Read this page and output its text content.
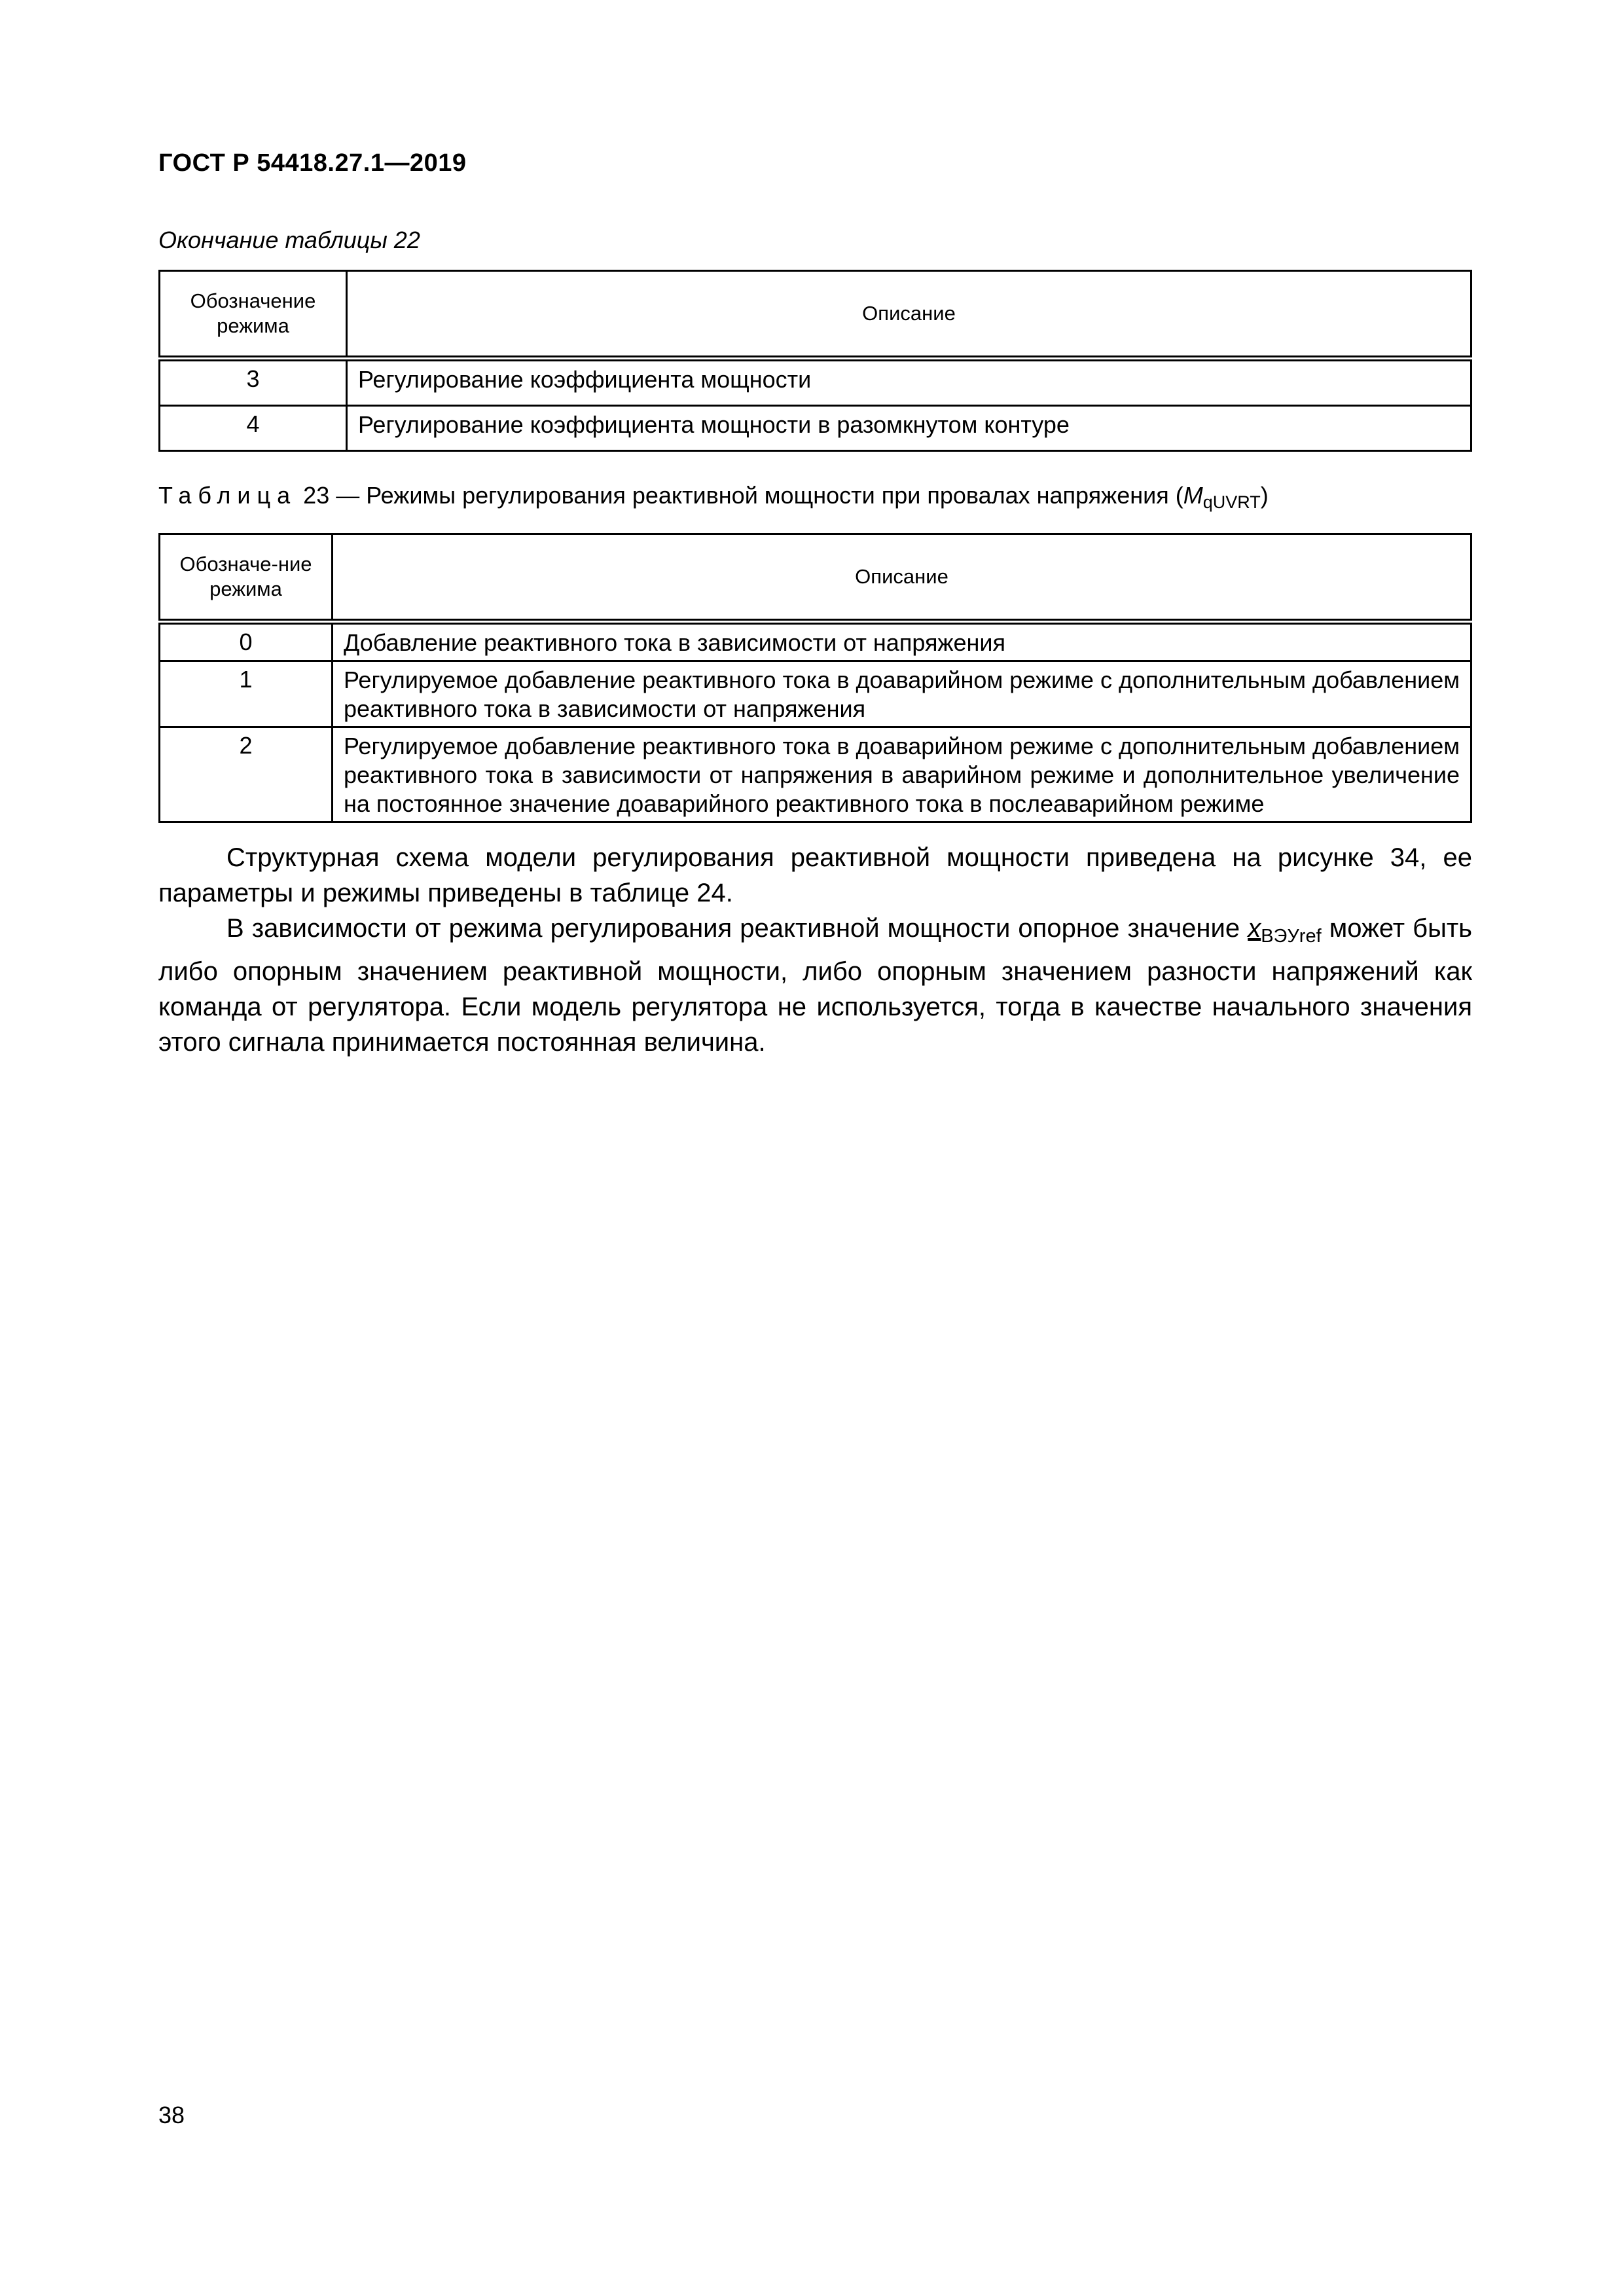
ГОСТ Р 54418.27.1—2019
Окончание таблицы 22
Обозначение режима	Описание
3	Регулирование коэффициента мощности
4	Регулирование коэффициента мощности в разомкнутом контуре
Таблица 23 — Режимы регулирования реактивной мощности при провалах напряжения $(M_{qUVRT})$
Обозначе-ние режима	Описание
0	Добавление реактивного тока в зависимости от напряжения
1	Регулируемое добавление реактивного тока в доаварийном режиме с дополнительным добавлением реактивного тока в зависимости от напряжения
2	Регулируемое добавление реактивного тока в доаварийном режиме с дополнительным добавлением реактивного тока в зависимости от напряжения в аварийном режиме и дополнительное увеличение на постоянное значение доаварийного реактивного тока в послеаварийном режиме

Структурная схема модели регулирования реактивной мощности приведена на рисунке 34, ее параметры и режимы приведены в таблице 24.

В зависимости от режима регулирования реактивной мощности опорное значение $x_{ВЭУref}$ может быть либо опорным значением реактивной мощности, либо опорным значением разности напряжений как команда от регулятора. Если модель регулятора не используется, тогда в качестве начального значения этого сигнала принимается постоянная величина.

38
